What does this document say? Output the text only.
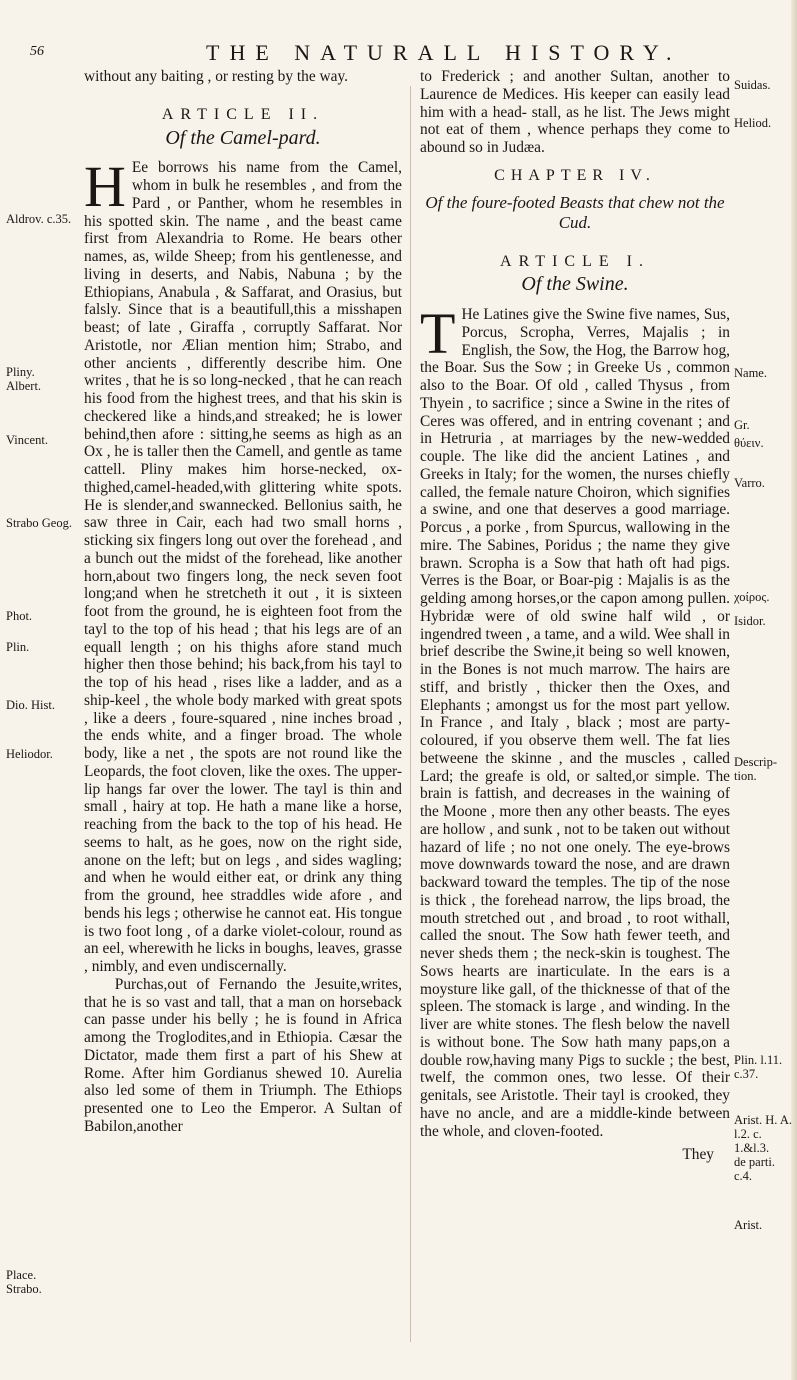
56	THE NATURALL HISTORY.

without any baiting , or resting by the way.

ARTICLE II.
Of the Camel-pard.

H Ee borrows his name from the Camel, whom in bulk he resembles , and from the Pard , or Panther, whom he resembles in his spotted skin. The name , and the beast came first from Alexandria to Rome. He bears other names, as, wilde Sheep; from his gentlenesse, and living in deserts, and Nabis, Nabuna ; by the Ethiopians, Anabula , & Saffarat, and Orasius, but falsly. Since that is a beautifull,this a misshapen beast; of late , Giraffa , corruptly Saffarat. Nor Aristotle, nor Ælian mention him; Strabo, and other ancients , differently describe him. One writes , that he is so long-necked , that he can reach his food from the highest trees, and that his skin is checkered like a hinds,and streaked; he is lower behind,then afore : sitting,he seems as high as an Ox , he is taller then the Camell, and gentle as tame cattell. Pliny makes him horse-necked, ox-thighed,camel-headed,with glittering white spots. He is slender,and swannecked. Bellonius saith, he saw three in Cair, each had two small horns , sticking six fingers long out over the forehead , and a bunch out the midst of the forehead, like another horn,about two fingers long, the neck seven foot long;and when he stretcheth it out , it is sixteen foot from the ground, he is eighteen foot from the tayl to the top of his head ; that his legs are of an equall length ; on his thighs afore stand much higher then those behind; his back,from his tayl to the top of his head , rises like a ladder, and as a ship-keel , the whole body marked with great spots , like a deers , foure-squared , nine inches broad , the ends white, and a finger broad. The whole body, like a net , the spots are not round like the Leopards, the foot cloven, like the oxes. The upper-lip hangs far over the lower. The tayl is thin and small , hairy at top. He hath a mane like a horse, reaching from the back to the top of his head. He seems to halt, as he goes, now on the right side, anone on the left; but on legs , and sides wagling; and when he would either eat, or drink any thing from the ground, hee straddles wide afore , and bends his legs ; otherwise he cannot eat. His tongue is two foot long , of a darke violet-colour, round as an eel, wherewith he licks in boughs, leaves, grasse , nimbly, and even undiscernally.

Purchas,out of Fernando the Jesuite,writes, that he is so vast and tall, that a man on horseback can passe under his belly ; he is found in Africa among the Troglodites,and in Ethiopia. Cæsar the Dictator, made them first a part of his Shew at Rome. After him Gordianus shewed 10. Aurelia also led some of them in Triumph. The Ethiops presented one to Leo the Emperor. A Sultan of Babilon,another

to Frederick ; and another Sultan, another to Laurence de Medices. His keeper can easily lead him with a head- stall, as he list. The Jews might not eat of them , whence perhaps they come to abound so in Judæa.

CHAPTER IV.
Of the foure-footed Beasts that chew not the Cud.
ARTICLE I.
Of the Swine.

T He Latines give the Swine five names, Sus, Porcus, Scropha, Verres, Majalis ; in English, the Sow, the Hog, the Barrow hog, the Boar. Sus the Sow ; in Greeke Us , common also to the Boar. Of old , called Thysus , from Thyein , to sacrifice ; since a Swine in the rites of Ceres was offered, and in entring covenant ; and in Hetruria , at marriages by the new-wedded couple. The like did the ancient Latines , and Greeks in Italy; for the women, the nurses chiefly called, the female nature Choiron, which signifies a swine, and one that deserves a good marriage. Porcus , a porke , from Spurcus, wallowing in the mire. The Sabines, Poridus ; the name they give brawn. Scropha is a Sow that hath oft had pigs. Verres is the Boar, or Boar-pig : Majalis is as the gelding among horses,or the capon among pullen. Hybridæ were of old swine half wild , or ingendred tween , a tame, and a wild. Wee shall in brief describe the Swine,it being so well knowen, in the Bones is not much marrow. The hairs are stiff, and bristly , thicker then the Oxes, and Elephants ; amongst us for the most part yellow. In France , and Italy , black ; most are party-coloured, if you observe them well. The fat lies betweene the skinne , and the muscles , called Lard; the greafe is old, or salted,or simple. The brain is fattish, and decreases in the waining of the Moone , more then any other beasts. The eyes are hollow , and sunk , not to be taken out without hazard of life ; no not one onely. The eye-brows move downwards toward the nose, and are drawn backward toward the temples. The tip of the nose is thick , the forehead narrow, the lips broad, the mouth stretched out , and broad , to root withall, called the snout. The Sow hath fewer teeth, and never sheds them ; the neck-skin is toughest. The Sows hearts are inarticulate. In the ears is a moysture like gall, of the thicknesse of that of the spleen. The stomack is large , and winding. In the liver are white stones. The flesh below the navell is without bone. The Sow hath many paps,on a double row,having many Pigs to suckle ; the best, twelf, the common ones, two lesse. Of their genitals, see Aristotle. Their tayl is crooked, they have no ancle, and are a middle-kinde between the whole, and cloven-footed.

They
Aldrov. c.35.
Pliny. Albert.
Vincent.
Strabo Geog.
Phot.
Plin.
Dio. Hist.
Heliodor.
Place. Strabo.
Suidas.
Heliod.
Name.
Gr.
θύειν.
Varro.
χοίρος.
Isidor.
Descrip-tion.
Plin. l.11. c.37.
Arist. H. A. l.2. c. 1.&l.3.
de parti. c.4.
Arist.
